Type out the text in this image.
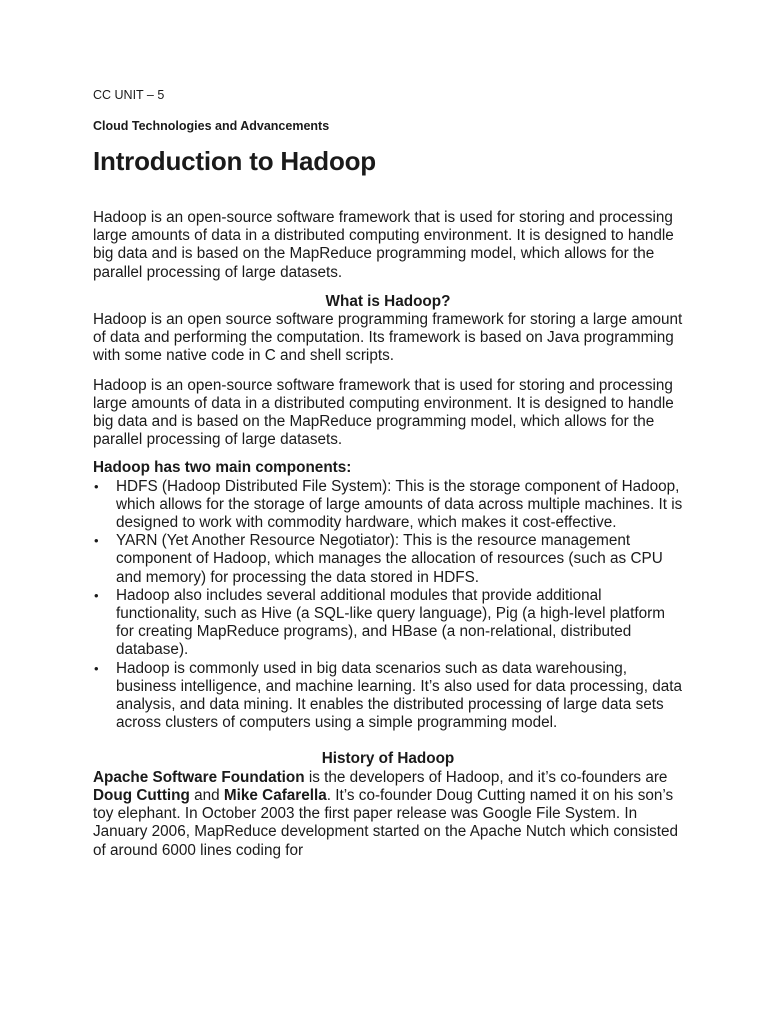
CC UNIT – 5
Cloud Technologies and Advancements
Introduction to Hadoop

Hadoop is an open-source software framework that is used for storing and processing large amounts of data in a distributed computing environment. It is designed to handle big data and is based on the MapReduce programming model, which allows for the parallel processing of large datasets.

What is Hadoop?

Hadoop is an open source software programming framework for storing a large amount of data and performing the computation. Its framework is based on Java programming with some native code in C and shell scripts.

Hadoop is an open-source software framework that is used for storing and processing large amounts of data in a distributed computing environment. It is designed to handle big data and is based on the MapReduce programming model, which allows for the parallel processing of large datasets.

Hadoop has two main components:
• HDFS (Hadoop Distributed File System): This is the storage component of Hadoop, which allows for the storage of large amounts of data across multiple machines. It is designed to work with commodity hardware, which makes it cost-effective.
• YARN (Yet Another Resource Negotiator): This is the resource management component of Hadoop, which manages the allocation of resources (such as CPU and memory) for processing the data stored in HDFS.
• Hadoop also includes several additional modules that provide additional functionality, such as Hive (a SQL-like query language), Pig (a high-level platform for creating MapReduce programs), and HBase (a non-relational, distributed database).
• Hadoop is commonly used in big data scenarios such as data warehousing, business intelligence, and machine learning. It’s also used for data processing, data analysis, and data mining. It enables the distributed processing of large data sets across clusters of computers using a simple programming model.

History of Hadoop

Apache Software Foundation is the developers of Hadoop, and it’s co-founders are Doug Cutting and Mike Cafarella. It’s co-founder Doug Cutting named it on his son’s toy elephant. In October 2003 the first paper release was Google File System. In January 2006, MapReduce development started on the Apache Nutch which consisted of around 6000 lines coding for
